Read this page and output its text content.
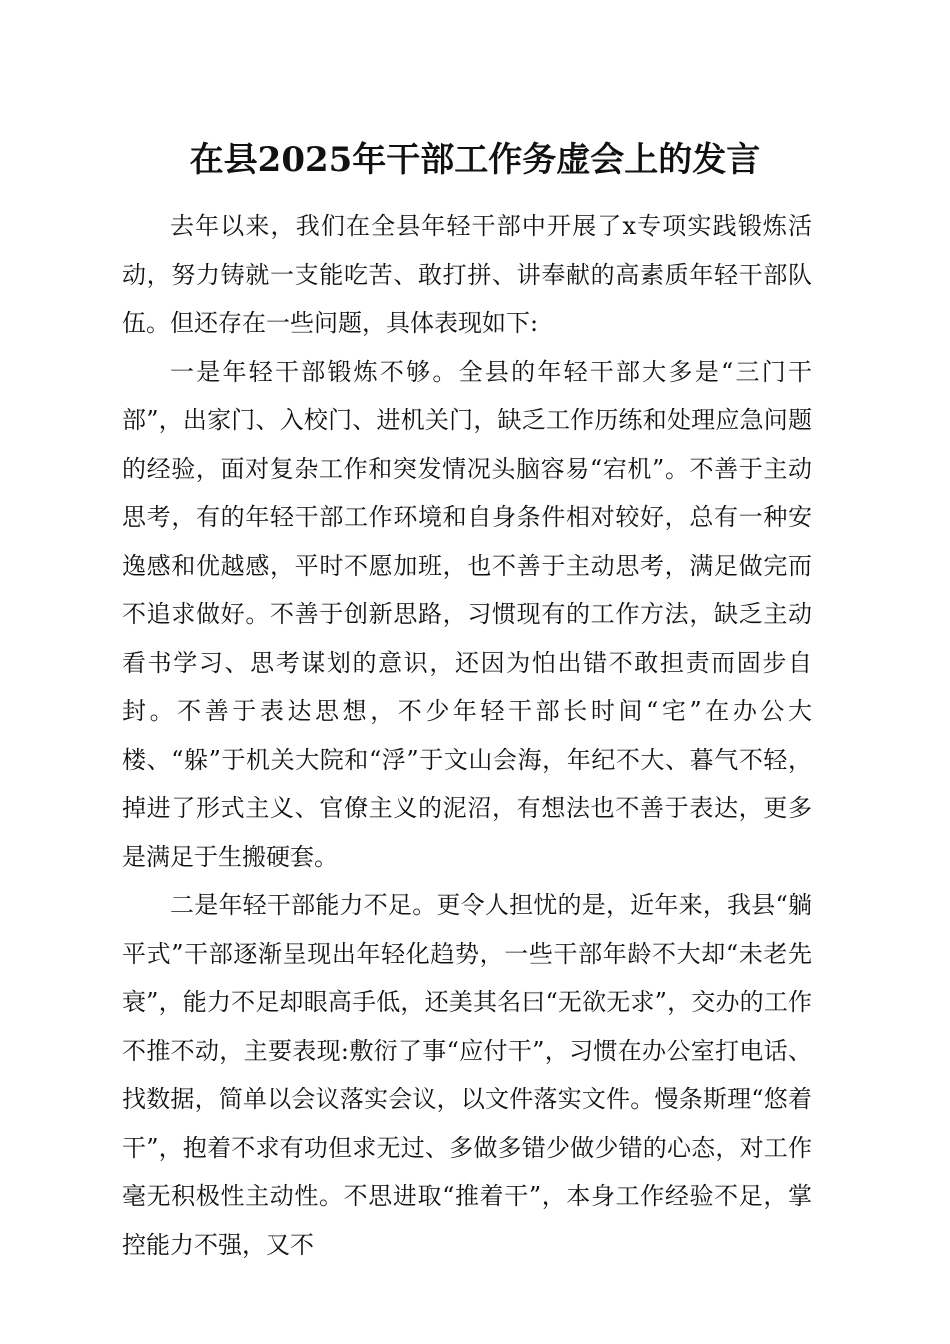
在县2025年干部工作务虚会上的发言

去年以来，我们在全县年轻干部中开展了x专项实践锻炼活动，努力铸就一支能吃苦、敢打拼、讲奉献的高素质年轻干部队伍。但还存在一些问题，具体表现如下:

一是年轻干部锻炼不够。全县的年轻干部大多是“三门干部”，出家门、入校门、进机关门，缺乏工作历练和处理应急问题的经验，面对复杂工作和突发情况头脑容易“宕机”。不善于主动思考，有的年轻干部工作环境和自身条件相对较好，总有一种安逸感和优越感，平时不愿加班，也不善于主动思考，满足做完而不追求做好。不善于创新思路，习惯现有的工作方法，缺乏主动看书学习、思考谋划的意识，还因为怕出错不敢担责而固步自封。不善于表达思想，不少年轻干部长时间“宅”在办公大楼、“躲”于机关大院和“浮”于文山会海，年纪不大、暮气不轻，掉进了形式主义、官僚主义的泥沼，有想法也不善于表达，更多是满足于生搬硬套。

二是年轻干部能力不足。更令人担忧的是，近年来，我县“躺平式”干部逐渐呈现出年轻化趋势，一些干部年龄不大却“未老先衰”，能力不足却眼高手低，还美其名曰“无欲无求”，交办的工作不推不动，主要表现:敷衍了事“应付干”，习惯在办公室打电话、找数据，简单以会议落实会议，以文件落实文件。慢条斯理“悠着干”，抱着不求有功但求无过、多做多错少做少错的心态，对工作毫无积极性主动性。不思进取“推着干”，本身工作经验不足，掌控能力不强，又不
